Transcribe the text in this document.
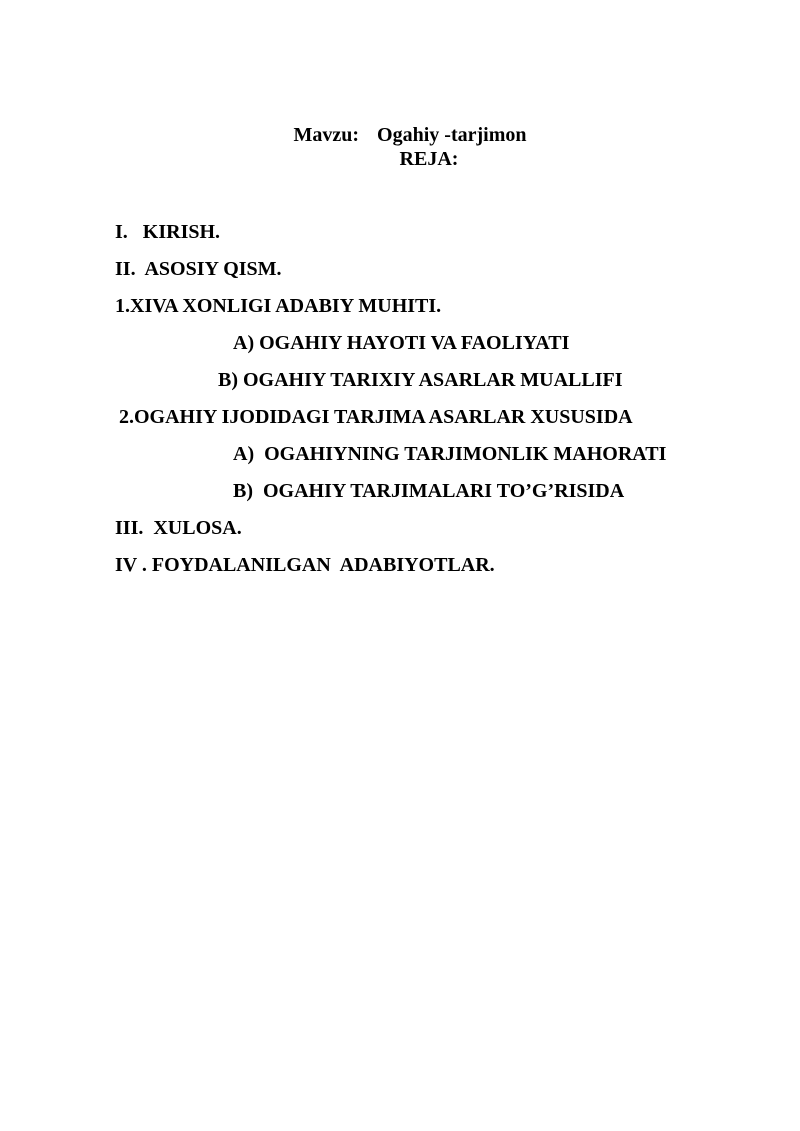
Mavzu: Ogahiy -tarjimon

REJA:
I.   KIRISH.
II.  ASOSIY QISM.
1.XIVA XONLIGI ADABIY MUHITI.
A) OGAHIY HAYOTI VA FAOLIYATI
B) OGAHIY TARIXIY ASARLAR MUALLIFI
2.OGAHIY IJODIDAGI TARJIMA ASARLAR XUSUSIDA
A)  OGAHIYNING TARJIMONLIK MAHORATI
B)  OGAHIY TARJIMALARI TO’G’RISIDA
III.  XULOSA.
IV . FOYDALANILGAN  ADABIYOTLAR.
